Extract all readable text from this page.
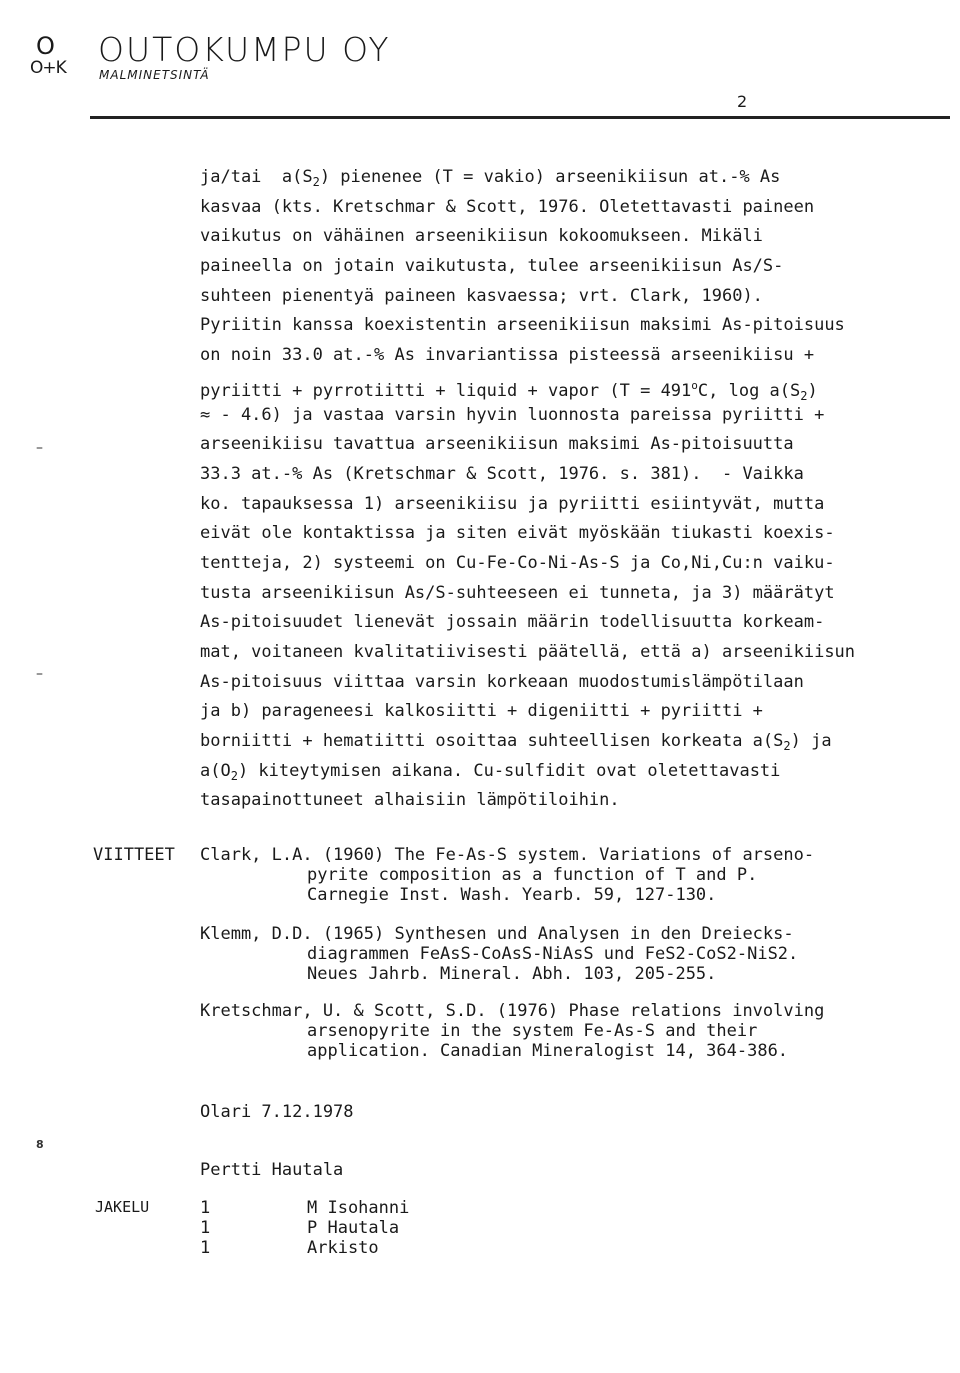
O
O+K OUTOKUMPU OY
MALMINETSINTÄ
2
–
–
8
ja/tai  $a(S_2)$ pienenee (T = vakio) arseenikiisun at.-% As
kasvaa (kts. Kretschmar & Scott, 1976. Oletettavasti paineen
vaikutus on vähäinen arseenikiisun kokoomukseen. Mikäli
paineella on jotain vaikutusta, tulee arseenikiisun As/S-
suhteen pienentyä paineen kasvaessa; vrt. Clark, 1960).
Pyriitin kanssa koexistentin arseenikiisun maksimi As-pitoisuus
on noin 33.0 at.-% As invariantissa pisteessä arseenikiisu +
pyriitti + pyrrotiitti + liquid + vapor ($T = 491^oC$, $\log a(S_2)$
≈ - 4.6) ja vastaa varsin hyvin luonnosta pareissa pyriitti +
arseenikiisu tavattua arseenikiisun maksimi As-pitoisuutta
33.3 at.-% As (Kretschmar & Scott, 1976. s. 381).  - Vaikka
ko. tapauksessa 1) arseenikiisu ja pyriitti esiintyvät, mutta
eivät ole kontaktissa ja siten eivät myöskään tiukasti koexis-
tentteja, 2) systeemi on Cu-Fe-Co-Ni-As-S ja Co,Ni,Cu:n vaiku-
tusta arseenikiisun As/S-suhteeseen ei tunneta, ja 3) määrätyt
As-pitoisuudet lienevät jossain määrin todellisuutta korkeam-
mat, voitaneen kvalitatiivisesti päätellä, että a) arseenikiisun
As-pitoisuus viittaa varsin korkeaan muodostumislämpötilaan
ja b) parageneesi kalkosiitti + digeniitti + pyriitti +
borniitti + hematiitti osoittaa suhteellisen korkeata $a(S_2)$ ja
$a(O_2)$ kiteytymisen aikana. Cu-sulfidit ovat oletettavasti
tasapainottuneet alhaisiin lämpötiloihin.
VIITTEET Clark, L.A. (1960) The Fe-As-S system. Variations of arseno-
pyrite composition as a function of T and P.
Carnegie Inst. Wash. Yearb. 59, 127-130.
Klemm, D.D. (1965) Synthesen und Analysen in den Dreiecks-
diagrammen FeAsS-CoAsS-NiAsS und FeS2-CoS2-NiS2.
Neues Jahrb. Mineral. Abh. 103, 205-255.
Kretschmar, U. & Scott, S.D. (1976) Phase relations involving
arsenopyrite in the system Fe-As-S and their
application. Canadian Mineralogist 14, 364-386.
Olari 7.12.1978
Pertti Hautala
JAKELU	1
1
1
M Isohanni
P Hautala
Arkisto
